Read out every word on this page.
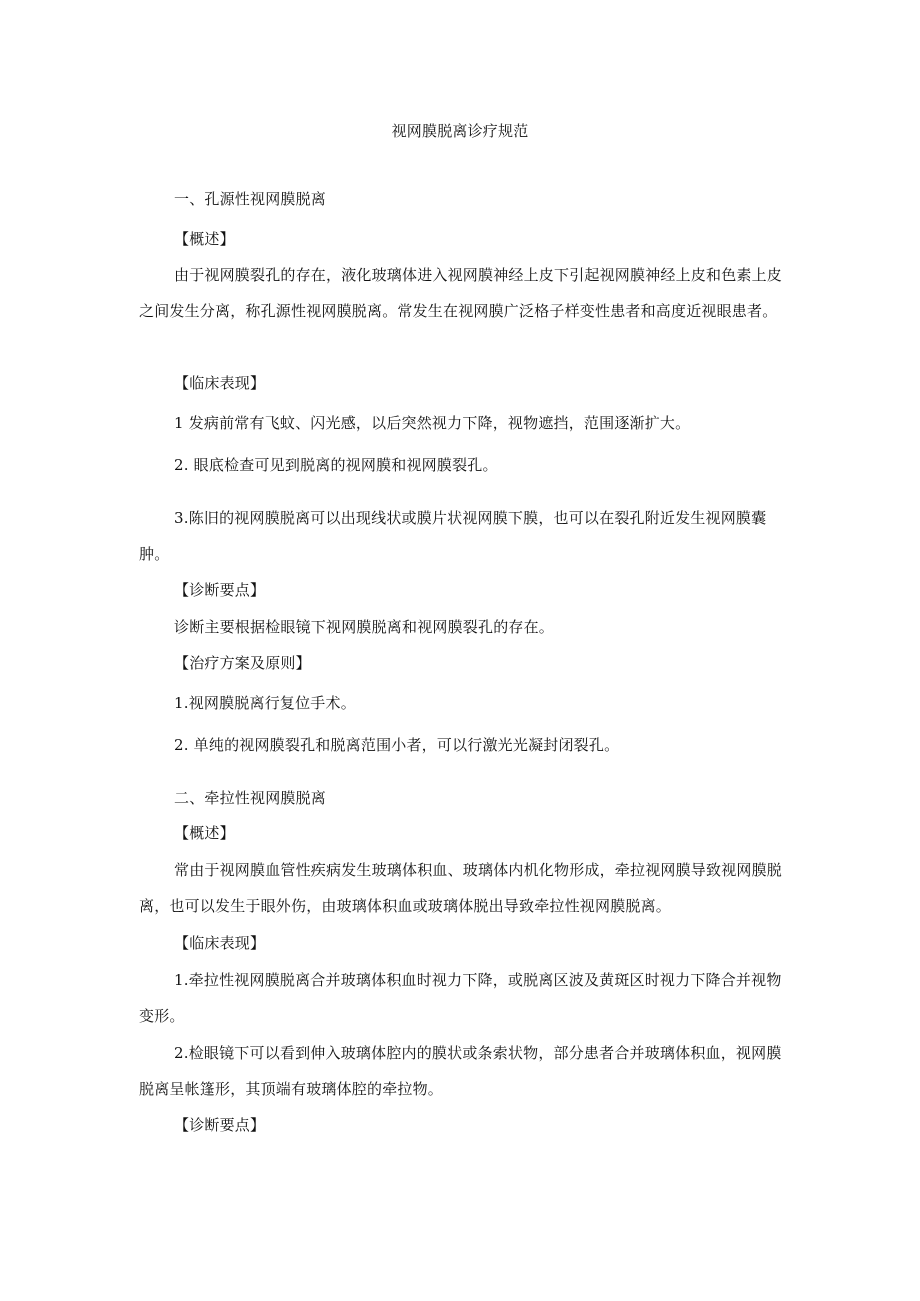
视网膜脱离诊疗规范
一、孔源性视网膜脱离
【概述】
由于视网膜裂孔的存在，液化玻璃体进入视网膜神经上皮下引起视网膜神经上皮和色素上皮之间发生分离，称孔源性视网膜脱离。常发生在视网膜广泛格子样变性患者和高度近视眼患者。
【临床表现】
1 发病前常有飞蚊、闪光感，以后突然视力下降，视物遮挡，范围逐渐扩大。
2. 眼底检查可见到脱离的视网膜和视网膜裂孔。
3.陈旧的视网膜脱离可以出现线状或膜片状视网膜下膜，也可以在裂孔附近发生视网膜囊肿。
【诊断要点】
诊断主要根据检眼镜下视网膜脱离和视网膜裂孔的存在。
【治疗方案及原则】
1.视网膜脱离行复位手术。
2. 单纯的视网膜裂孔和脱离范围小者，可以行激光光凝封闭裂孔。
二、牵拉性视网膜脱离
【概述】
常由于视网膜血管性疾病发生玻璃体积血、玻璃体内机化物形成，牵拉视网膜导致视网膜脱离，也可以发生于眼外伤，由玻璃体积血或玻璃体脱出导致牵拉性视网膜脱离。
【临床表现】
1.牵拉性视网膜脱离合并玻璃体积血时视力下降，或脱离区波及黄斑区时视力下降合并视物变形。
2.检眼镜下可以看到伸入玻璃体腔内的膜状或条索状物，部分患者合并玻璃体积血，视网膜脱离呈帐篷形，其顶端有玻璃体腔的牵拉物。
【诊断要点】
